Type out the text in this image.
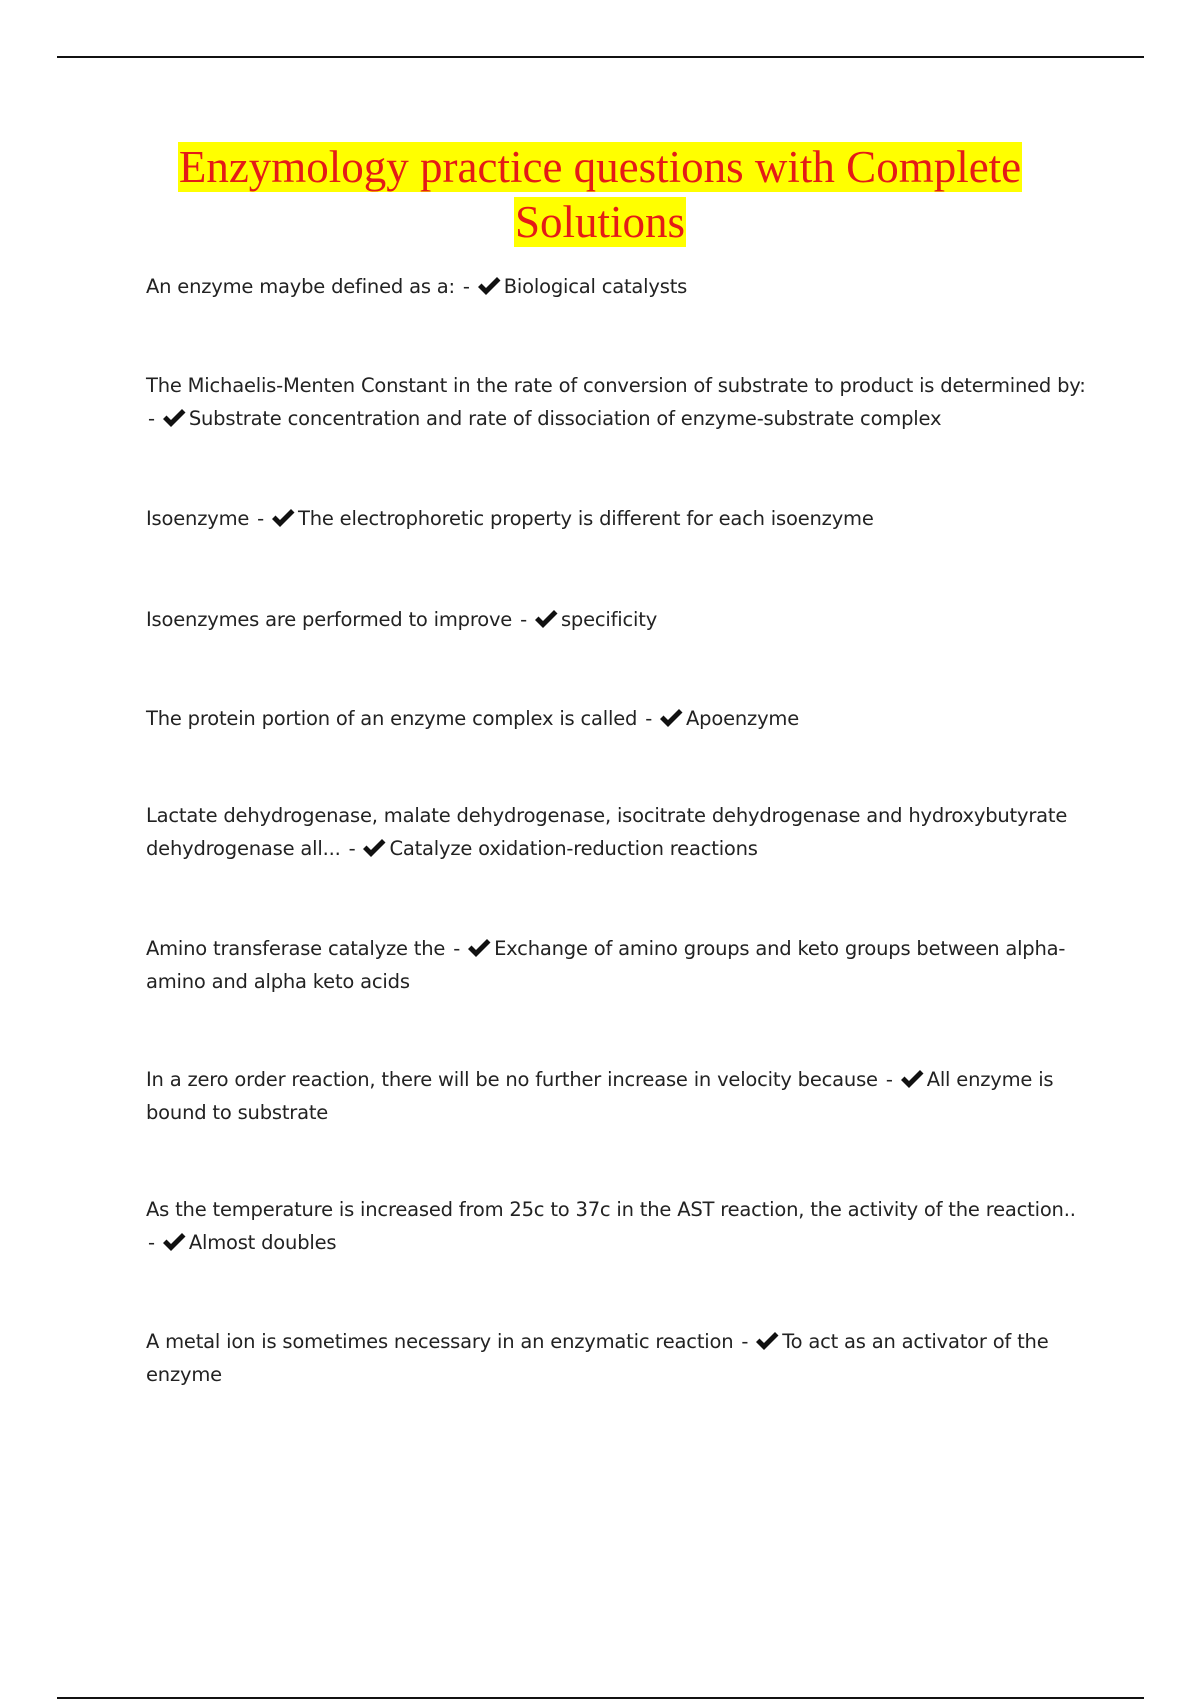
Enzymology practice questions with Complete
Solutions
An enzyme maybe defined as a: - Biological catalysts
The Michaelis-Menten Constant in the rate of conversion of substrate to product is determined by: - Substrate concentration and rate of dissociation of enzyme-substrate complex
Isoenzyme - The electrophoretic property is different for each isoenzyme
Isoenzymes are performed to improve - specificity
The protein portion of an enzyme complex is called - Apoenzyme
Lactate dehydrogenase, malate dehydrogenase, isocitrate dehydrogenase and hydroxybutyrate dehydrogenase all... - Catalyze oxidation-reduction reactions
Amino transferase catalyze the - Exchange of amino groups and keto groups between alpha-amino and alpha keto acids
In a zero order reaction, there will be no further increase in velocity because - All enzyme is bound to substrate
As the temperature is increased from 25c to 37c in the AST reaction, the activity of the reaction.. - Almost doubles
A metal ion is sometimes necessary in an enzymatic reaction - To act as an activator of the enzyme
